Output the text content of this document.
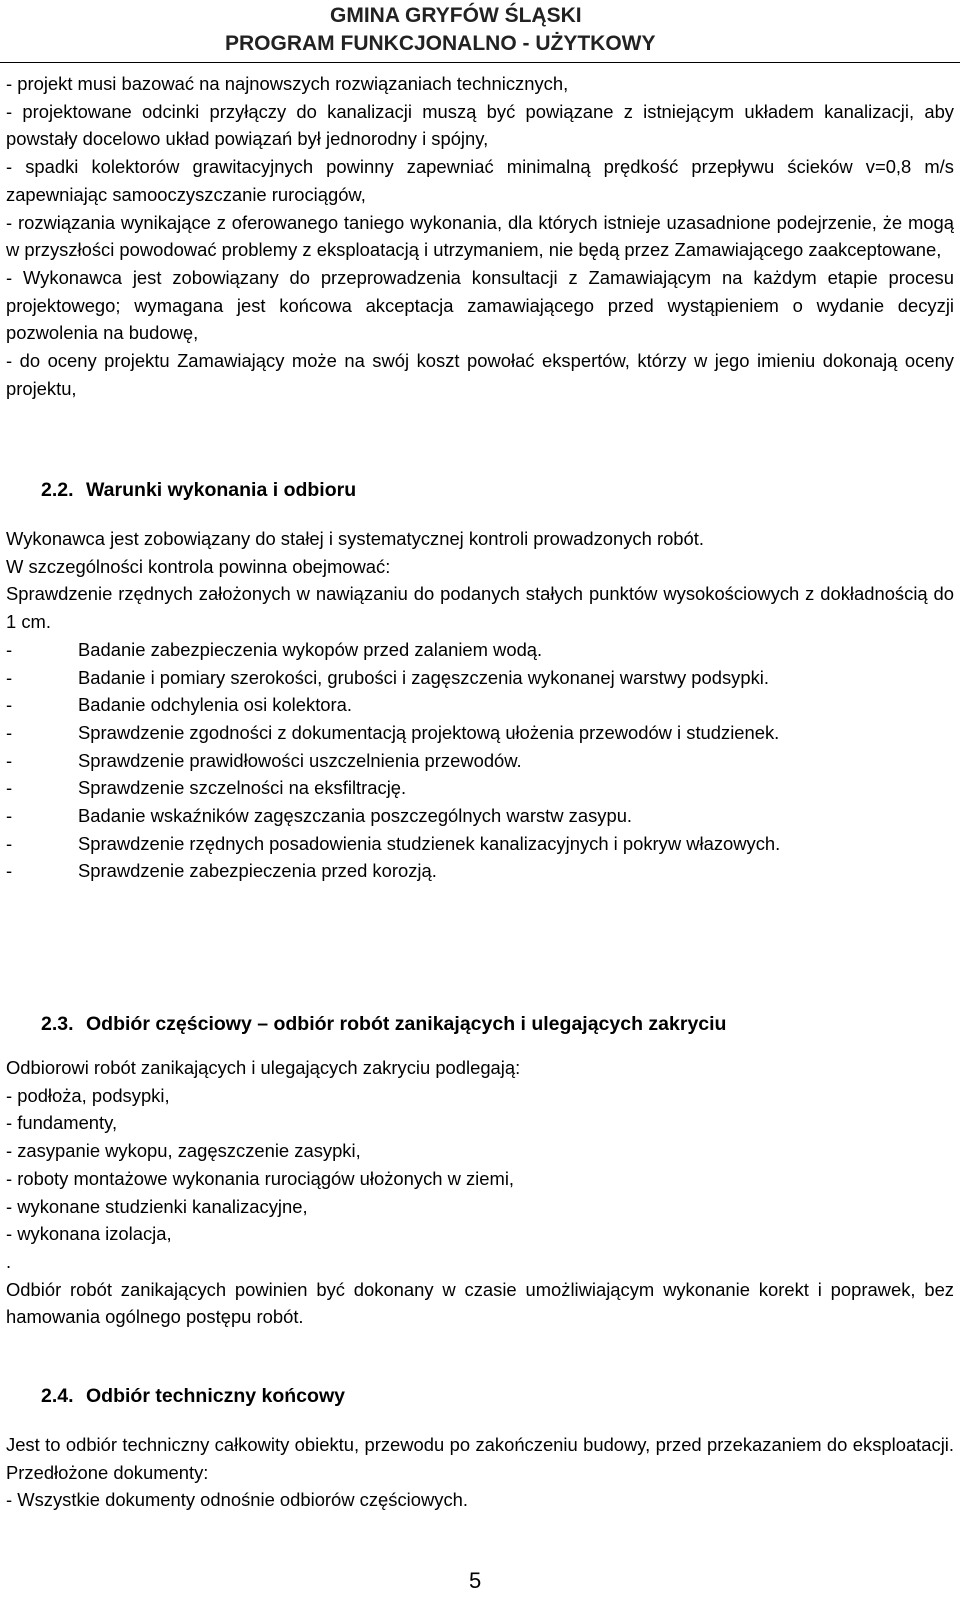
GMINA GRYFÓW ŚLĄSKI
PROGRAM FUNKCJONALNO - UŻYTKOWY

- projekt musi bazować na najnowszych rozwiązaniach technicznych,

- projektowane odcinki przyłączy do kanalizacji muszą być powiązane z istniejącym układem kanalizacji, aby powstały docelowo układ powiązań był jednorodny i spójny,

- spadki kolektorów grawitacyjnych powinny zapewniać minimalną prędkość przepływu ścieków v=0,8 m/s zapewniając samooczyszczanie rurociągów,

- rozwiązania wynikające z oferowanego taniego wykonania, dla których istnieje uzasadnione podejrzenie, że mogą w przyszłości powodować problemy z eksploatacją i utrzymaniem, nie będą przez Zamawiającego zaakceptowane,

- Wykonawca jest zobowiązany do przeprowadzenia konsultacji z Zamawiającym na każdym etapie procesu projektowego; wymagana jest końcowa akceptacja zamawiającego przed wystąpieniem o wydanie decyzji pozwolenia na budowę,

- do oceny projektu Zamawiający może na swój koszt powołać ekspertów, którzy w jego imieniu dokonają oceny projektu,

2.2. Warunki wykonania i odbioru

Wykonawca jest zobowiązany do stałej i systematycznej kontroli prowadzonych robót.

W szczególności kontrola powinna obejmować:

Sprawdzenie rzędnych założonych w nawiązaniu do podanych stałych punktów wysokościowych z dokładnością do 1 cm.

-	Badanie zabezpieczenia wykopów przed zalaniem wodą.
-	Badanie i pomiary szerokości, grubości i zagęszczenia wykonanej warstwy podsypki.
-	Badanie odchylenia osi kolektora.
-	Sprawdzenie zgodności z dokumentacją projektową ułożenia przewodów i studzienek.
-	Sprawdzenie prawidłowości uszczelnienia przewodów.
-	Sprawdzenie szczelności na eksfiltrację.
-	Badanie wskaźników zagęszczania poszczególnych warstw zasypu.
-	Sprawdzenie rzędnych posadowienia studzienek kanalizacyjnych i pokryw włazowych.
-	Sprawdzenie zabezpieczenia przed korozją.
2.3. Odbiór częściowy – odbiór robót zanikających i ulegających zakryciu

Odbiorowi robót zanikających i ulegających zakryciu podlegają:

- podłoża, podsypki,

- fundamenty,

- zasypanie wykopu, zagęszczenie zasypki,

- roboty montażowe wykonania rurociągów ułożonych w ziemi,

- wykonane studzienki kanalizacyjne,

- wykonana izolacja,

.

Odbiór robót zanikających powinien być dokonany w czasie umożliwiającym wykonanie korekt i poprawek, bez hamowania ogólnego postępu robót.

2.4. Odbiór techniczny końcowy

Jest to odbiór techniczny całkowity obiektu, przewodu po zakończeniu budowy, przed przekazaniem do eksploatacji. Przedłożone dokumenty:

- Wszystkie dokumenty odnośnie odbiorów częściowych.

5
